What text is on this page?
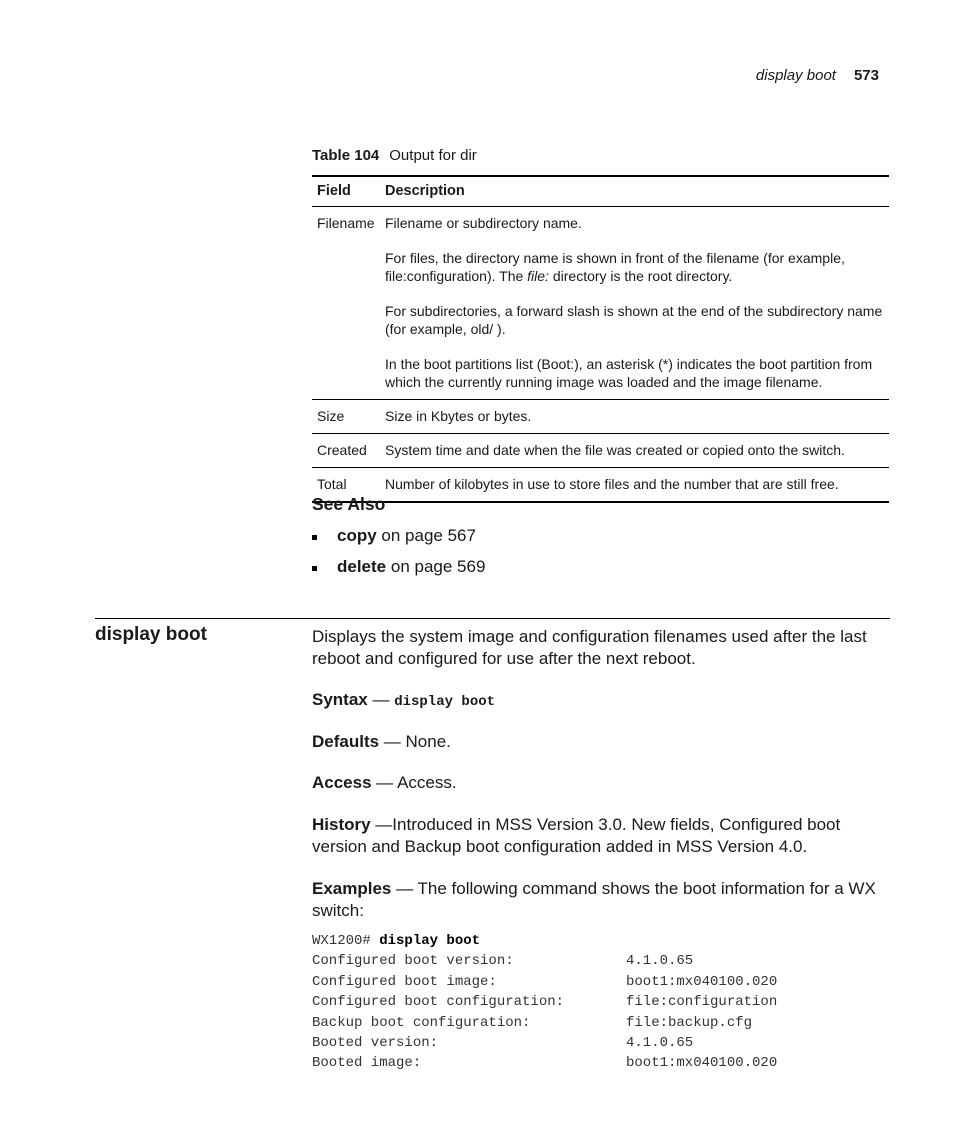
display boot 573
Table 104 Output for dir
Field	Description
Filename	Filename or subdirectory name.

For files, the directory name is shown in front of the filename (for example, file:configuration). The file: directory is the root directory.

For subdirectories, a forward slash is shown at the end of the subdirectory name (for example, old/ ).

In the boot partitions list (Boot:), an asterisk (*) indicates the boot partition from which the currently running image was loaded and the image filename.

Size	Size in Kbytes or bytes.

Created	System time and date when the file was created or copied onto the switch.

Total	Number of kilobytes in use to store files and the number that are still free.

See Also
copy on page 567
delete on page 569
display boot	Displays the system image and configuration filenames used after the last reboot and configured for use after the next reboot.

Syntax — display boot

Defaults — None.

Access — Access.

History —Introduced in MSS Version 3.0. New fields, Configured boot version and Backup boot configuration added in MSS Version 4.0.

Examples — The following command shows the boot information for a WX switch:

WX1200# display boot
Configured boot version:	4.1.0.65
Configured boot image:	boot1:mx040100.020
Configured boot configuration:	file:configuration
Backup boot configuration:	file:backup.cfg
Booted version:	4.1.0.65
Booted image:	boot1:mx040100.020
